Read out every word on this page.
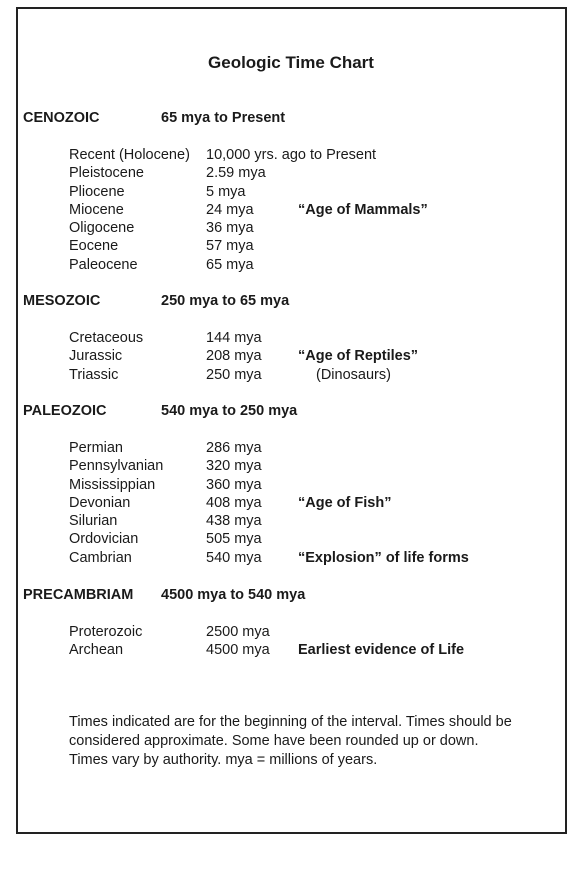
Geologic Time Chart
CENOZOIC	65 mya to Present
Recent (Holocene) 10,000 yrs. ago to Present
Pleistocene	2.59 mya
Pliocene	5 mya
Miocene	24 mya	“Age of Mammals”
Oligocene	36 mya
Eocene	57 mya
Paleocene	65 mya
MESOZOIC	250 mya to 65 mya
Cretaceous	144 mya
Jurassic	208 mya	“Age of Reptiles”
Triassic	250 mya	(Dinosaurs)
PALEOZOIC	540 mya to 250 mya
Permian	286 mya
Pennsylvanian	320 mya
Mississippian	360 mya
Devonian	408 mya	“Age of Fish”
Silurian	438 mya
Ordovician	505 mya
Cambrian	540 mya	“Explosion” of life forms
PRECAMBRIAM 4500 mya to 540 mya
Proterozoic	2500 mya
Archean	4500 mya Earliest evidence of Life
Times indicated are for the beginning of the interval. Times should be considered approximate. Some have been rounded up or down. Times vary by authority. mya = millions of years.
